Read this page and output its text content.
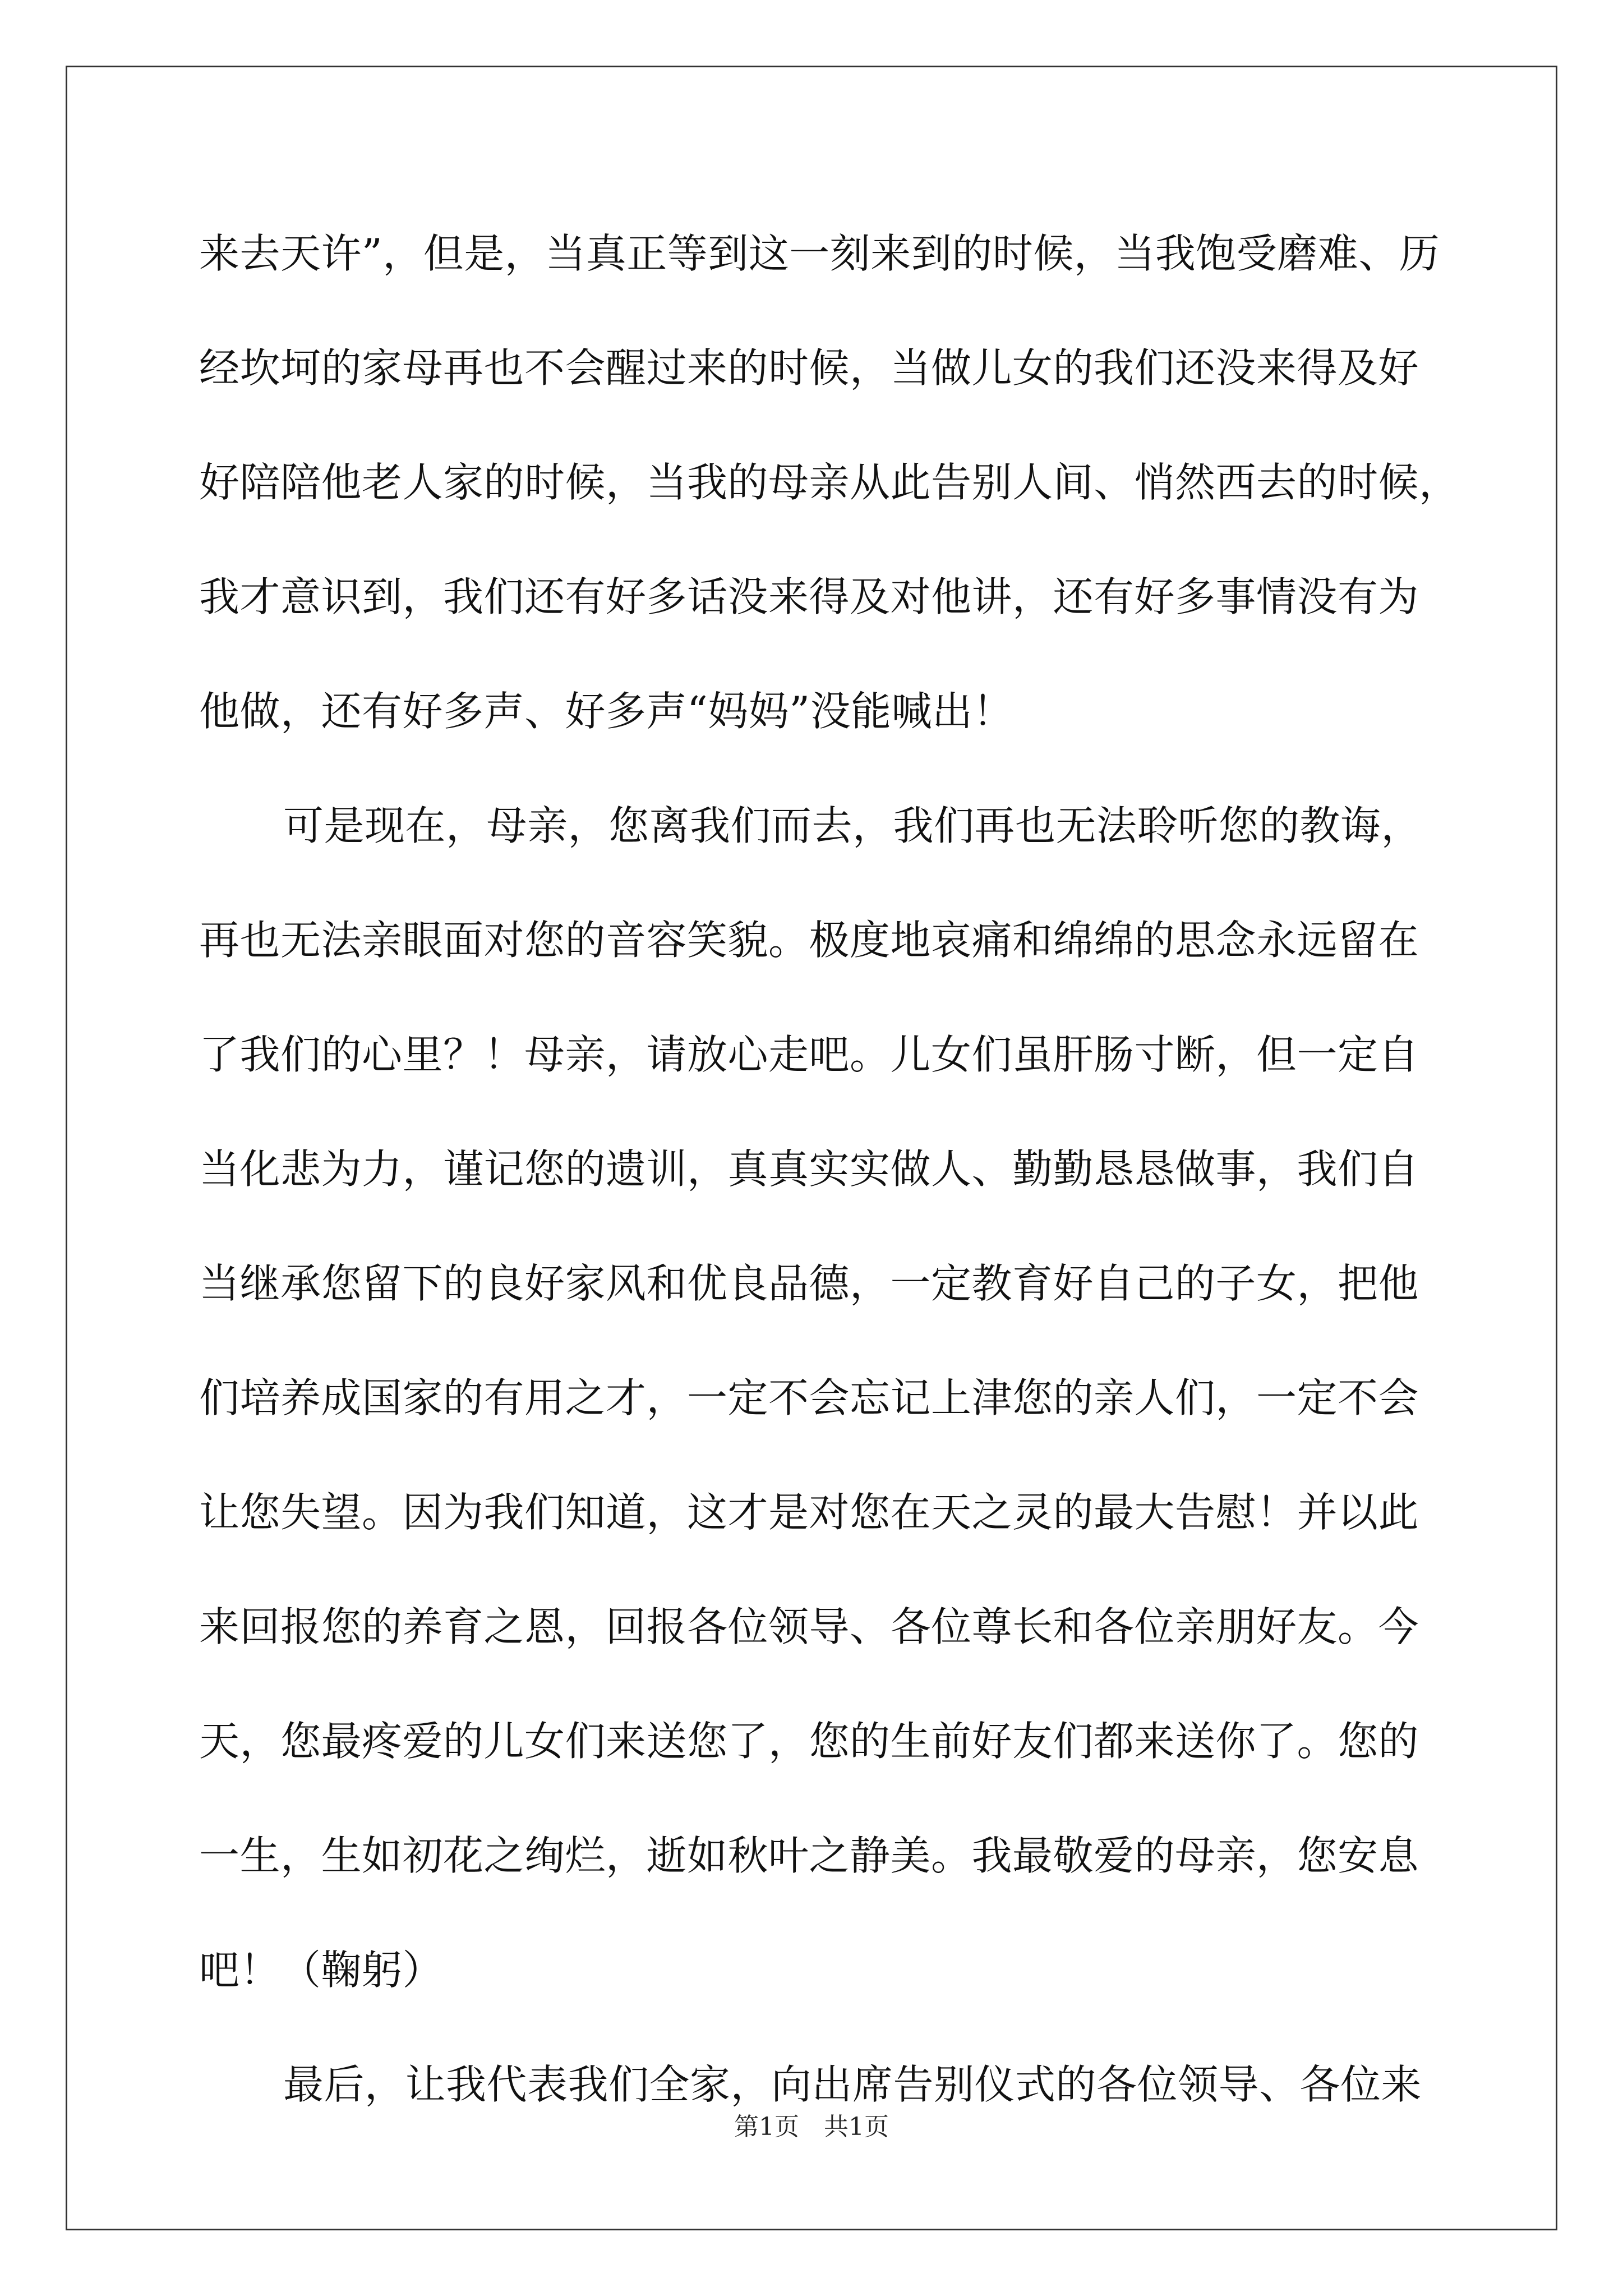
来去天许”，但是，当真正等到这一刻来到的时候，当我饱受磨难、历
经坎坷的家母再也不会醒过来的时候，当做儿女的我们还没来得及好
好陪陪他老人家的时候，当我的母亲从此告别人间、悄然西去的时候，
我才意识到，我们还有好多话没来得及对他讲，还有好多事情没有为
他做，还有好多声、好多声“妈妈”没能喊出！
可是现在，母亲，您离我们而去，我们再也无法聆听您的教诲，
再也无法亲眼面对您的音容笑貌。极度地哀痛和绵绵的思念永远留在
了我们的心里？！母亲，请放心走吧。儿女们虽肝肠寸断，但一定自
当化悲为力，谨记您的遗训，真真实实做人、勤勤恳恳做事，我们自
当继承您留下的良好家风和优良品德，一定教育好自己的子女，把他
们培养成国家的有用之才，一定不会忘记上津您的亲人们，一定不会
让您失望。因为我们知道，这才是对您在天之灵的最大告慰！并以此
来回报您的养育之恩，回报各位领导、各位尊长和各位亲朋好友。今
天，您最疼爱的儿女们来送您了，您的生前好友们都来送你了。您的
一生，生如初花之绚烂，逝如秋叶之静美。我最敬爱的母亲，您安息
吧！（鞠躬）
最后，让我代表我们全家，向出席告别仪式的各位领导、各位来
第1页　共1页
